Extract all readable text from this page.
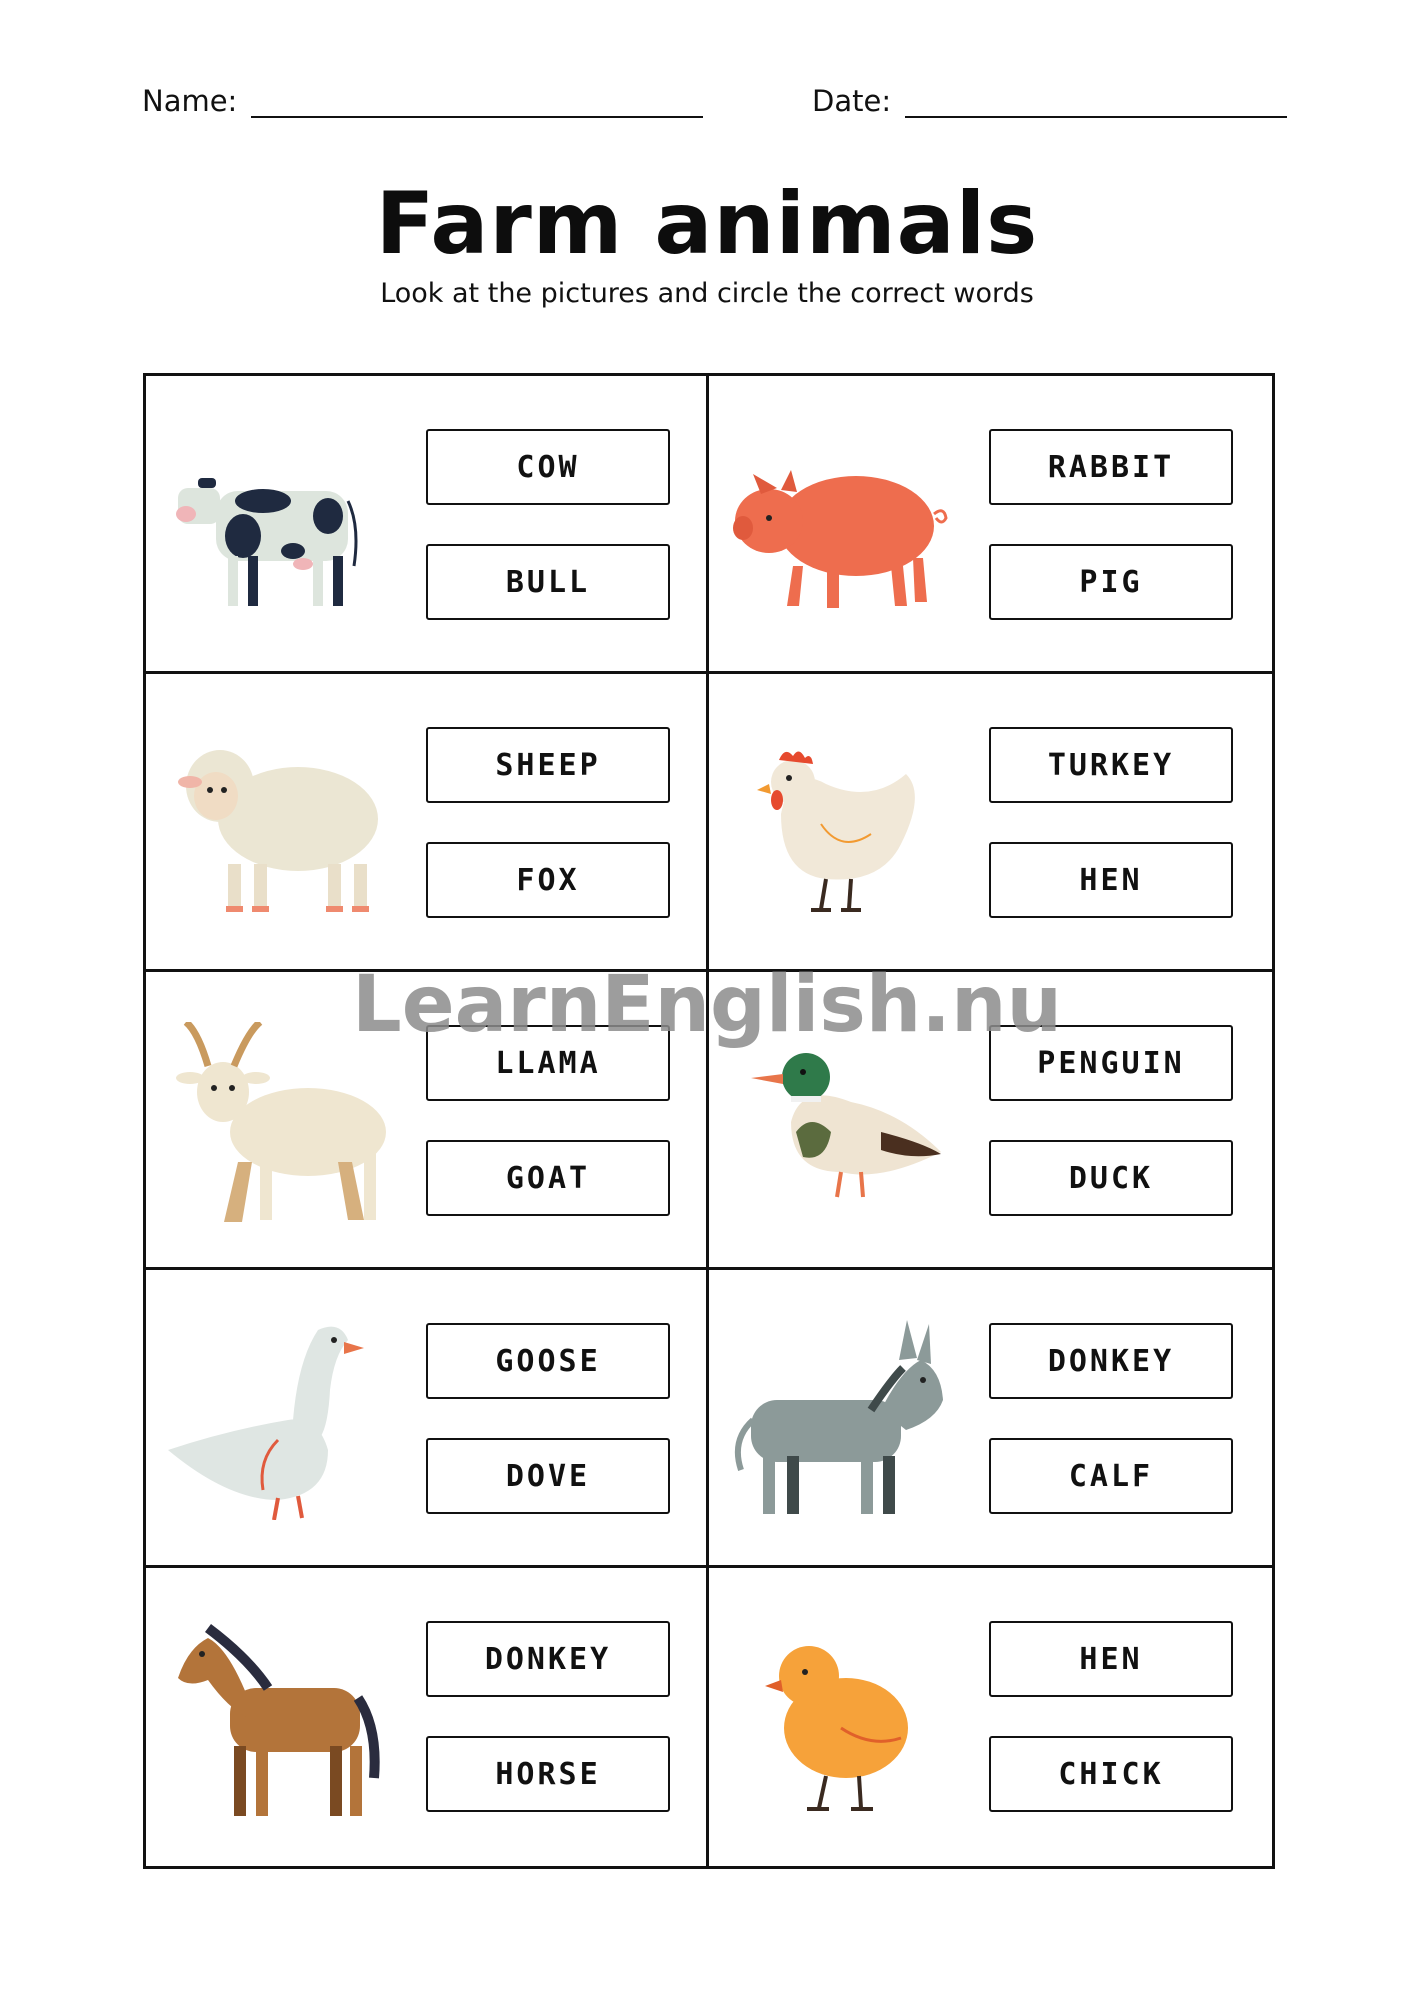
Name:	Date:
Farm animals
Look at the pictures and circle the correct words
COW
BULL
RABBIT
PIG
SHEEP
FOX
TURKEY
HEN
LLAMA
GOAT
PENGUIN
DUCK
GOOSE
DOVE
DONKEY
CALF
DONKEY
HORSE
HEN
CHICK
LearnEnglish.nu
